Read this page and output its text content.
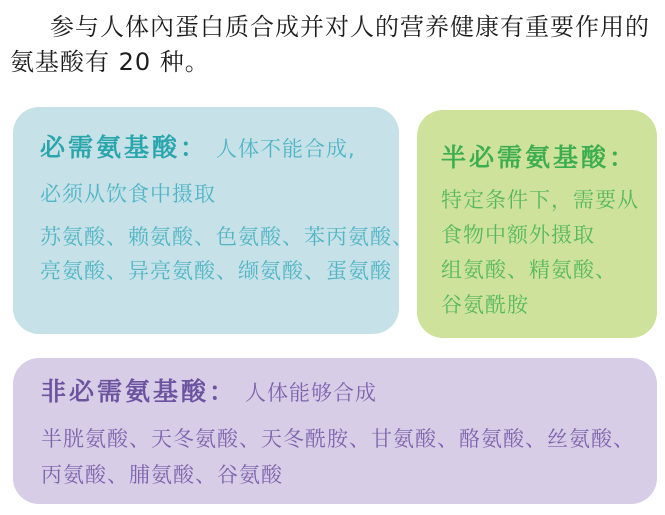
参与人体內蛋白质合成并对人的营养健康有重要作用的
氨基酸有 20 种。
必需氨基酸： 人体不能合成,
必须从饮食中摄取
苏氨酸、赖氨酸、色氨酸、苯丙氨酸、
亮氨酸、异亮氨酸、缬氨酸、蛋氨酸
半必需氨基酸：
特定条件下，需要从
食物中额外摄取
组氨酸、精氨酸、
谷氨酰胺
非必需氨基酸： 人体能够合成
半胱氨酸、天冬氨酸、天冬酰胺、甘氨酸、酪氨酸、丝氨酸、
丙氨酸、脯氨酸、谷氨酸
